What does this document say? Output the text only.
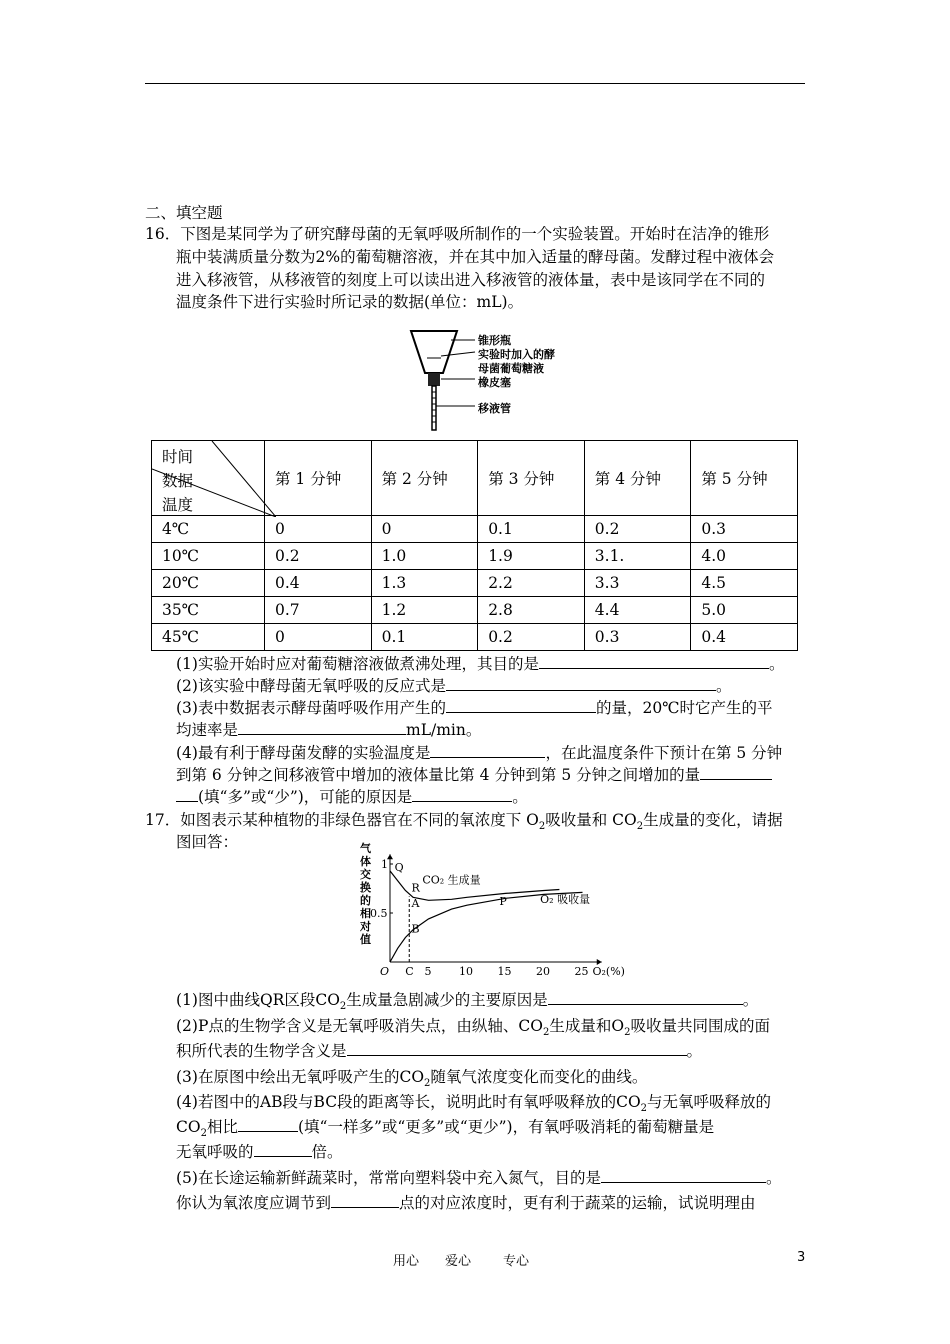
二、填空题
16．下图是某同学为了研究酵母菌的无氧呼吸所制作的一个实验装置。开始时在洁净的锥形
瓶中装满质量分数为2%的葡萄糖溶液，并在其中加入适量的酵母菌。发酵过程中液体会
进入移液管，从移液管的刻度上可以读出进入移液管的液体量，表中是该同学在不同的
温度条件下进行实验时所记录的数据(单位：mL)。
锥形瓶
实验时加入的酵
母菌葡萄糖液
橡皮塞
移液管
时间
数据
温度	第 1 分钟	第 2 分钟	第 3 分钟	第 4 分钟	第 5 分钟
4℃	0	0	0.1	0.2	0.3
10℃	0.2	1.0	1.9	3.1.	4.0
20℃	0.4	1.3	2.2	3.3	4.5
35℃	0.7	1.2	2.8	4.4	5.0
45℃	0	0.1	0.2	0.3	0.4
(1)实验开始时应对葡萄糖溶液做煮沸处理，其目的是	。
(2)该实验中酵母菌无氧呼吸的反应式是	。
(3)表中数据表示酵母菌呼吸作用产生的	的量，20℃时它产生的平
均速率是	mL/min。
(4)最有利于酵母菌发酵的实验温度是	，在此温度条件下预计在第 5 分钟
到第 6 分钟之间移液管中增加的液体量比第 4 分钟到第 5 分钟之间增加的量
(填“多”或“少”)，可能的原因是	。
17．如图表示某种植物的非绿色器官在不同的氧浓度下 $O_2$吸收量和 $CO_2$生成量的变化，请据
图回答：	气
体
交
换
的
相
对
值
1
0.5
O C 5	10 15 20 25 O₂(%)
Q
R
A
B
P
CO₂ 生成量
O₂ 吸收量
(1)图中曲线QR区段$CO_2$生成量急剧减少的主要原因是	。
(2)P点的生物学含义是无氧呼吸消失点，由纵轴、$CO_2$生成量和$O_2$吸收量共同围成的面
积所代表的生物学含义是	。
(3)在原图中绘出无氧呼吸产生的$CO_2$随氧气浓度变化而变化的曲线。
(4)若图中的AB段与BC段的距离等长，说明此时有氧呼吸释放的$CO_2$与无氧呼吸释放的
$CO_2$相比	(填“一样多”或“更多”或“更少”)，有氧呼吸消耗的葡萄糖量是
无氧呼吸的	倍。
(5)在长途运输新鲜蔬菜时，常常向塑料袋中充入氮气，目的是	。
你认为氧浓度应调节到	点的对应浓度时，更有利于蔬菜的运输，试说明理由
用心 爱心 专心	3
